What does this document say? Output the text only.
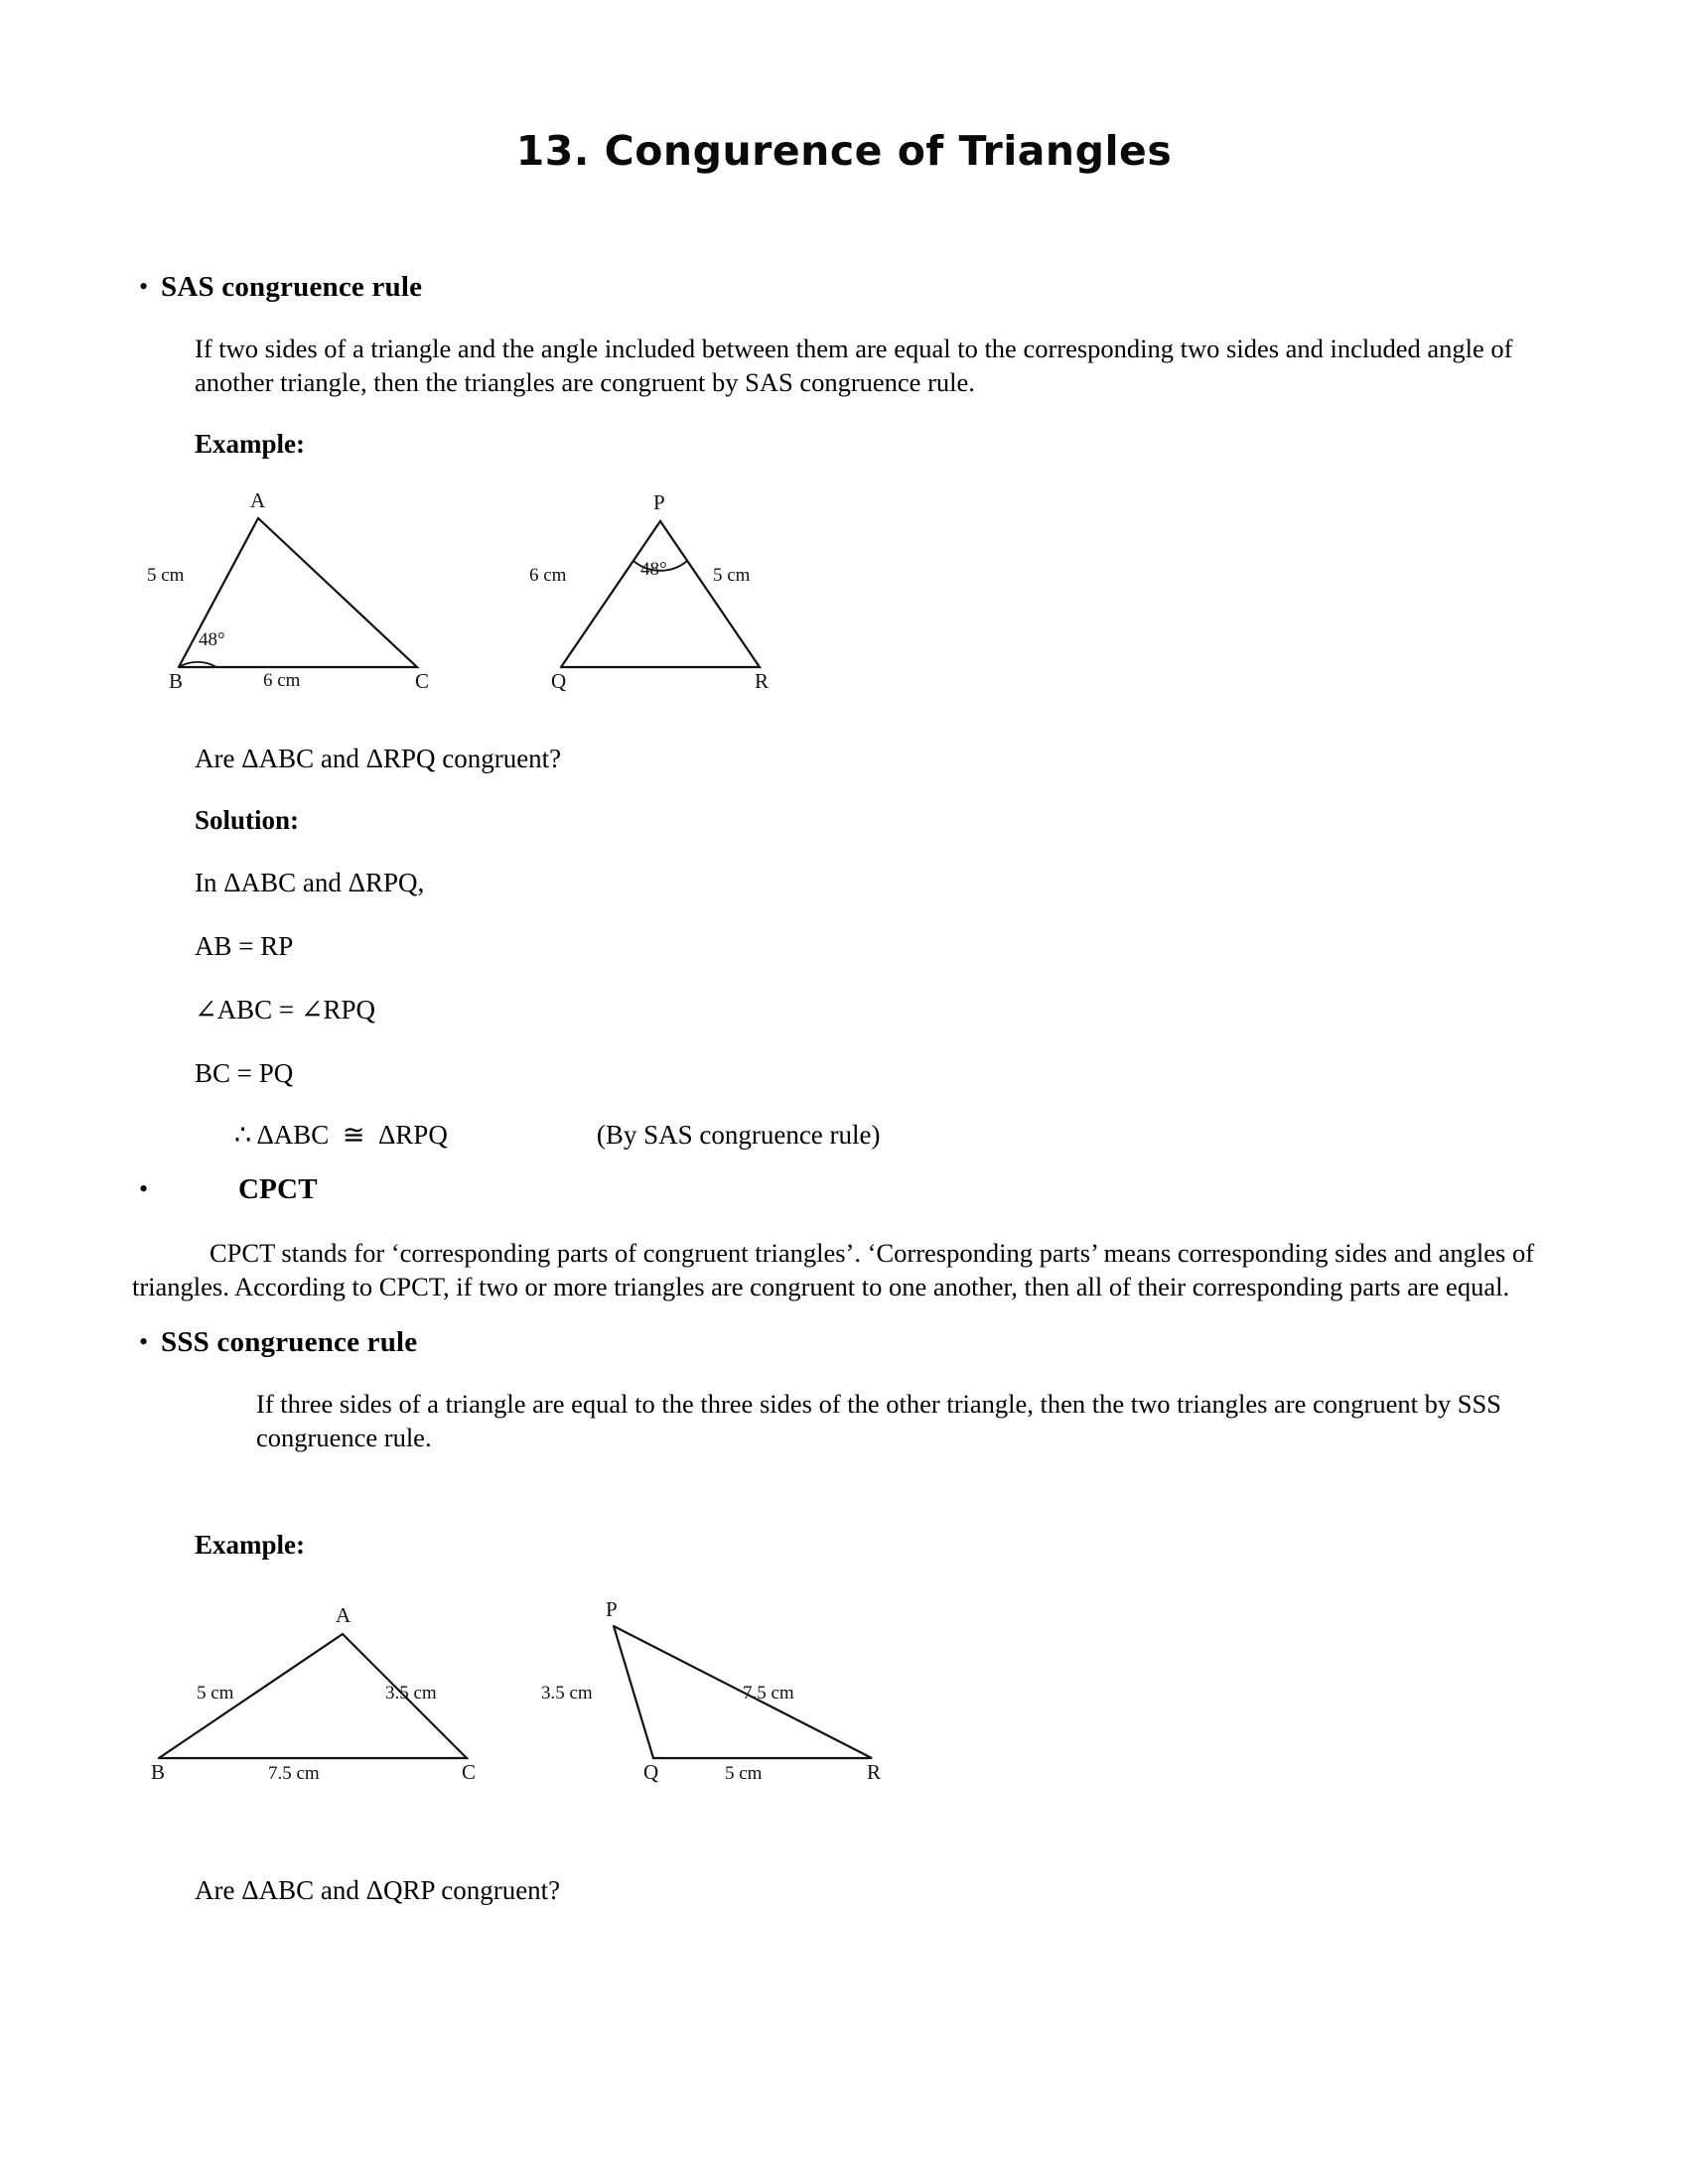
13. Congurence of Triangles
• SAS congruence rule
If two sides of a triangle and the angle included between them are equal to the corresponding two sides and included angle of another triangle, then the triangles are congruent by SAS congruence rule.
Example:
A
B	C
5 cm
6 cm
48°
P
Q	R
6 cm	5 cm
48°
Are ΔABC and ΔRPQ congruent?
Solution:
In ΔABC and ΔRPQ,
AB = RP
∠ABC = ∠RPQ
BC = PQ
∴ ΔABC  ≅  ΔRPQ	(By SAS congruence rule)
•	CPCT
CPCT stands for ‘corresponding parts of congruent triangles’. ‘Corresponding parts’ means corresponding sides and angles of triangles. According to CPCT, if two or more triangles are congruent to one another, then all of their corresponding parts are equal.
• SSS congruence rule
If three sides of a triangle are equal to the three sides of the other triangle, then the two triangles are congruent by SSS congruence rule.
Example:
A
B	C
5 cm	3.5 cm
7.5 cm
P
Q	R
3.5 cm	7.5 cm
5 cm
Are ΔABC and ΔQRP congruent?
